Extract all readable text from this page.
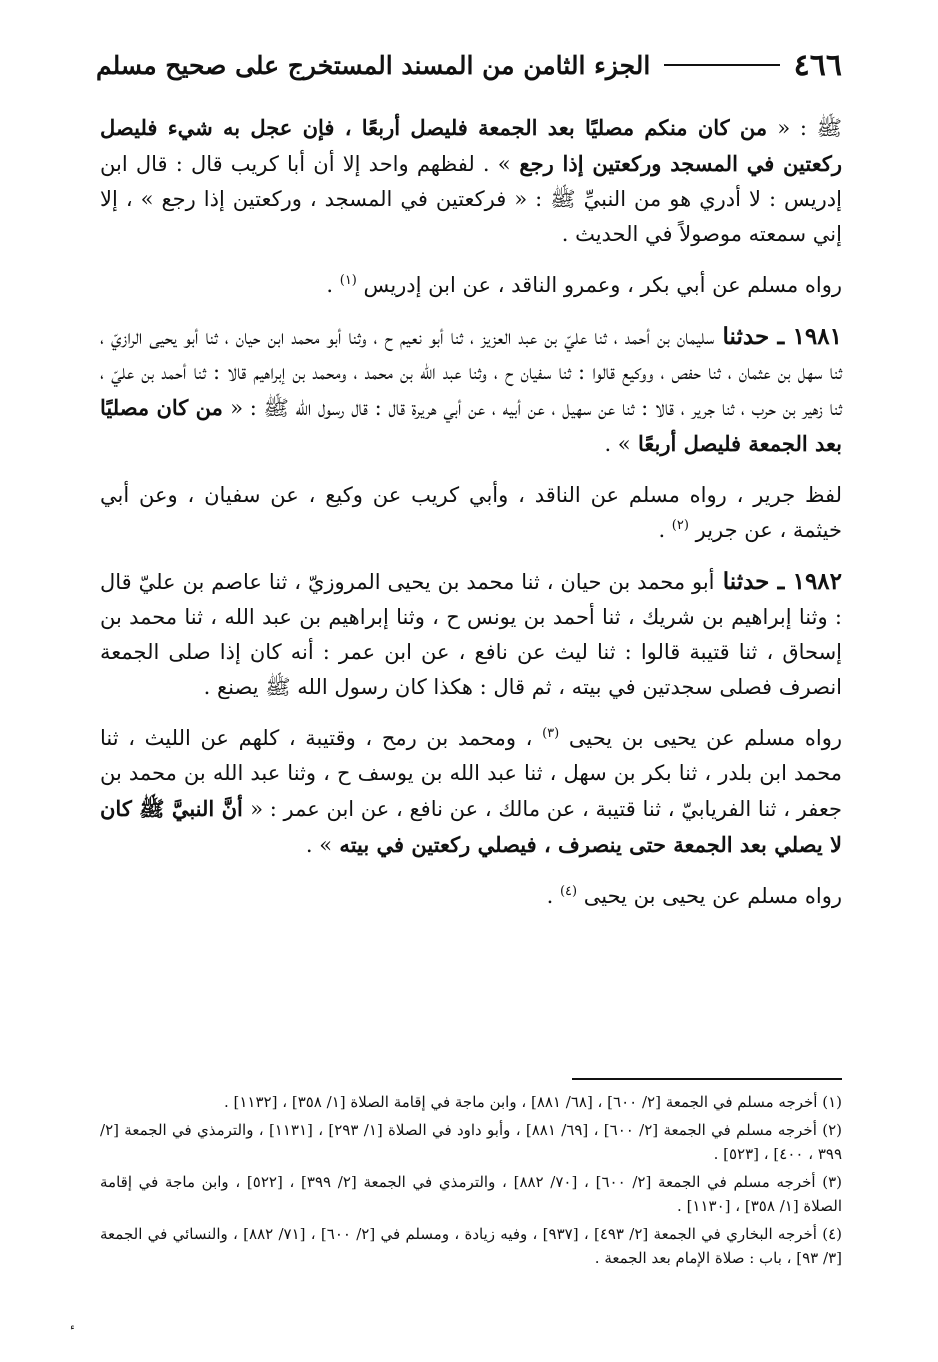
٤٦٦
الجزء الثامن من المسند المستخرج على صحيح مسلم

ﷺ : « من كان منكم مصليًا بعد الجمعة فليصل أربعًا ، فإن عجل به شيء فليصل ركعتين في المسجد وركعتين إذا رجع » . لفظهم واحد إلا أن أبا كريب قال : قال ابن إدريس : لا أدري هو من النبيِّ ﷺ : « فركعتين في المسجد ، وركعتين إذا رجع » ، إلا إني سمعته موصولاً في الحديث .

رواه مسلم عن أبي بكر ، وعمرو الناقد ، عن ابن إدريس $^{(١)}$ .

١٩٨١ ـ حدثنا سليمان بن أحمد ، ثنا عليّ بن عبد العزيز ، ثنا أبو نعيم ح ، وثنا أبو محمد ابن حيان ، ثنا أبو يحيى الرازيّ ، ثنا سهل بن عثمان ، ثنا حفص ، ووكيع قالوا : ثنا سفيان ح ، وثنا عبد الله بن محمد ، ومحمد بن إبراهيم قالا : ثنا أحمد بن عليّ ، ثنا زهير بن حرب ، ثنا جرير ، قالا : ثنا عن سهيل ، عن أبيه ، عن أبي هريرة قال : قال رسول الله ﷺ : « من كان مصليًا بعد الجمعة فليصل أربعًا » .

لفظ جرير ، رواه مسلم عن الناقد ، وأبي كريب عن وكيع ، عن سفيان ، وعن أبي خيثمة ، عن جرير $^{(٢)}$ .

١٩٨٢ ـ حدثنا أبو محمد بن حيان ، ثنا محمد بن يحيى المروزيّ ، ثنا عاصم بن عليّ قال : وثنا إبراهيم بن شريك ، ثنا أحمد بن يونس ح ، وثنا إبراهيم بن عبد الله ، ثنا محمد بن إسحاق ، ثنا قتيبة قالوا : ثنا ليث عن نافع ، عن ابن عمر : أنه كان إذا صلى الجمعة انصرف فصلى سجدتين في بيته ، ثم قال : هكذا كان رسول الله ﷺ يصنع .

رواه مسلم عن يحيى بن يحيى $^{(٣)}$ ، ومحمد بن رمح ، وقتيبة ، كلهم عن الليث ، ثنا محمد ابن بلدر ، ثنا بكر بن سهل ، ثنا عبد الله بن يوسف ح ، وثنا عبد الله بن محمد بن جعفر ، ثنا الفريابيّ ، ثنا قتيبة ، عن مالك ، عن نافع ، عن ابن عمر : « أنَّ النبيَّ ﷺ كان لا يصلي بعد الجمعة حتى ينصرف ، فيصلي ركعتين في بيته » .

رواه مسلم عن يحيى بن يحيى $^{(٤)}$ .

(١) أخرجه مسلم في الجمعة [٢/ ٦٠٠] ، [٦٨/ ٨٨١] ، وابن ماجة في إقامة الصلاة [١/ ٣٥٨] ، [١١٣٢] .

(٢) أخرجه مسلم في الجمعة [٢/ ٦٠٠] ، [٦٩/ ٨٨١] ، وأبو داود في الصلاة [١/ ٢٩٣] ، [١١٣١] ، والترمذي في الجمعة [٢/ ٣٩٩ ، ٤٠٠] ، [٥٢٣] .

(٣) أخرجه مسلم في الجمعة [٢/ ٦٠٠] ، [٧٠/ ٨٨٢] ، والترمذي في الجمعة [٢/ ٣٩٩] ، [٥٢٢] ، وابن ماجة في إقامة الصلاة [١/ ٣٥٨] ، [١١٣٠] .

(٤) أخرجه البخاري في الجمعة [٢/ ٤٩٣] ، [٩٣٧] ، وفيه زيادة ، ومسلم في [٢/ ٦٠٠] ، [٧١/ ٨٨٢] ، والنسائي في الجمعة [٣/ ٩٣] ، باب : صلاة الإمام بعد الجمعة .
